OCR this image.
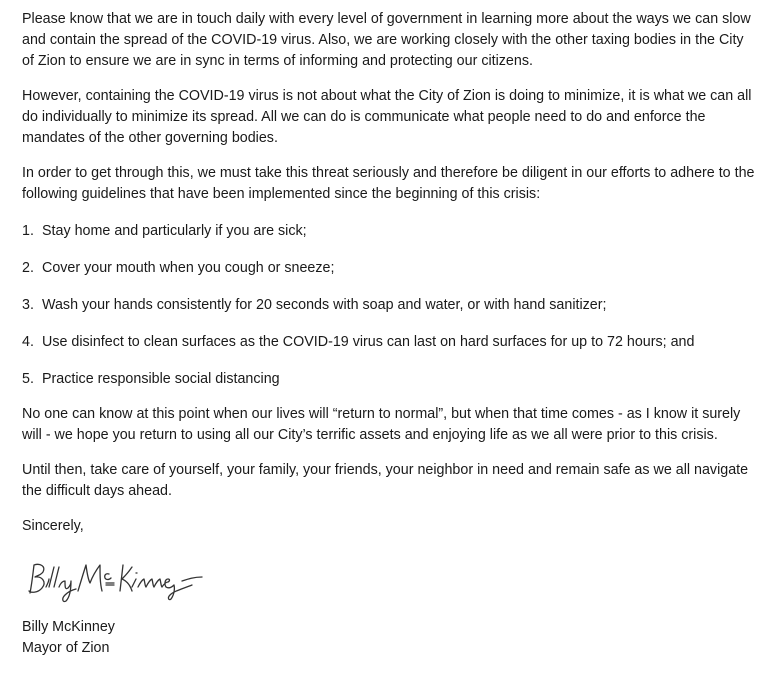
Please know that we are in touch daily with every level of government in learning more about the ways we can slow and contain the spread of the COVID-19 virus. Also, we are working closely with the other taxing bodies in the City of Zion to ensure we are in sync in terms of informing and protecting our citizens.

However, containing the COVID-19 virus is not about what the City of Zion is doing to minimize, it is what we can all do individually to minimize its spread. All we can do is communicate what people need to do and enforce the mandates of the other governing bodies.

In order to get through this, we must take this threat seriously and therefore be diligent in our efforts to adhere to the following guidelines that have been implemented since the beginning of this crisis:

1. Stay home and particularly if you are sick;
2. Cover your mouth when you cough or sneeze;
3. Wash your hands consistently for 20 seconds with soap and water, or with hand sanitizer;
4. Use disinfect to clean surfaces as the COVID-19 virus can last on hard surfaces for up to 72 hours; and
5. Practice responsible social distancing

No one can know at this point when our lives will “return to normal”, but when that time comes - as I know it surely will - we hope you return to using all our City’s terrific assets and enjoying life as we all were prior to this crisis.

Until then, take care of yourself, your family, your friends, your neighbor in need and remain safe as we all navigate the difficult days ahead.

Sincerely,

Billy McKinney
Mayor of Zion
